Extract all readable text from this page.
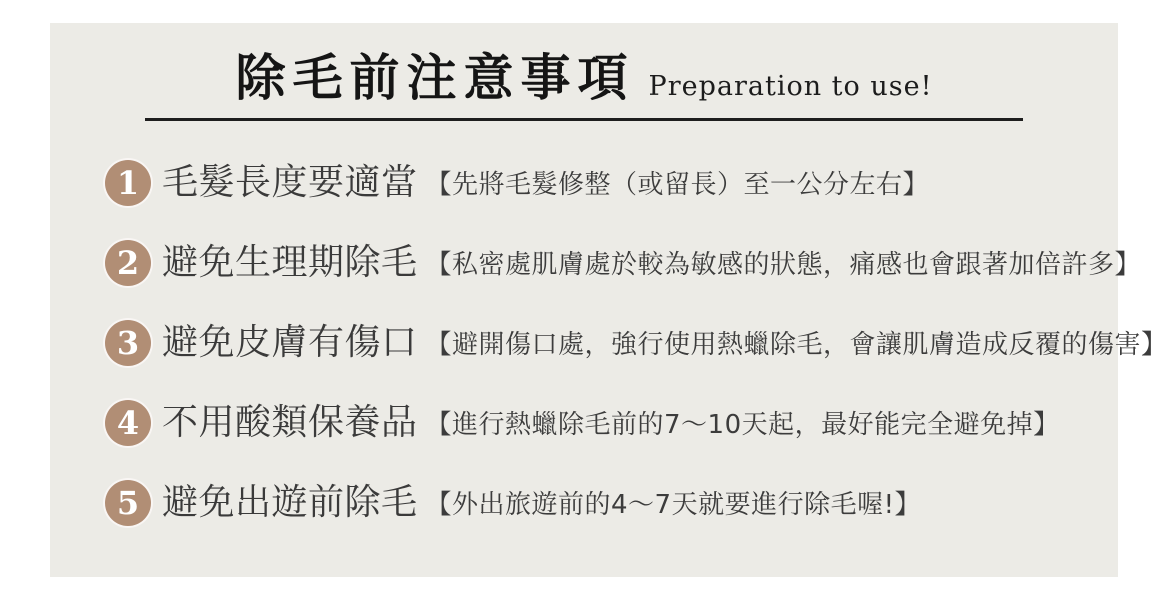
除毛前注意事項 Preparation to use!
1 毛髮長度要適當 【先將毛髮修整（或留長）至一公分左右】
2 避免生理期除毛 【私密處肌膚處於較為敏感的狀態，痛感也會跟著加倍許多】
3 避免皮膚有傷口 【避開傷口處，強行使用熱蠟除毛，會讓肌膚造成反覆的傷害】
4 不用酸類保養品 【進行熱蠟除毛前的7～10天起，最好能完全避免掉】
5 避免出遊前除毛 【外出旅遊前的4～7天就要進行除毛喔!】
